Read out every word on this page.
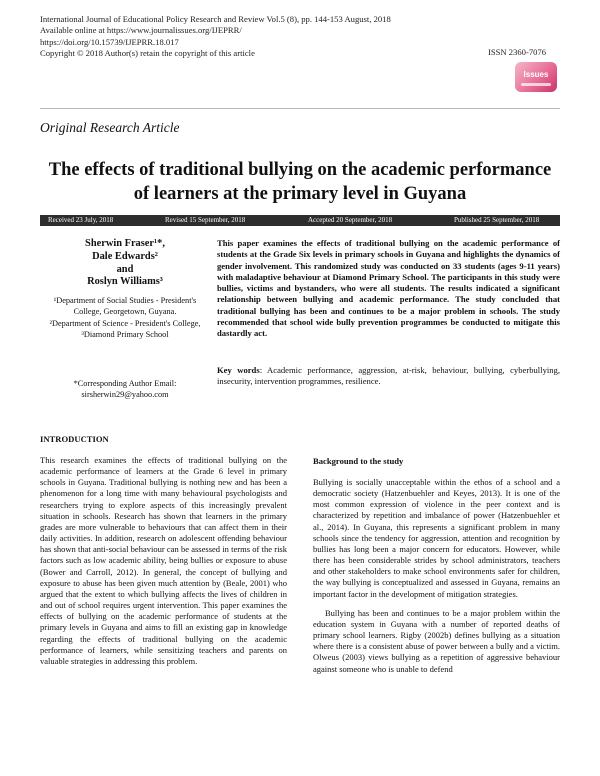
International Journal of Educational Policy Research and Review Vol.5 (8), pp. 144-153 August, 2018
Available online at https://www.journalissues.org/IJEPRR/
https://doi.org/10.15739/IJEPRR.18.017
Copyright © 2018 Author(s) retain the copyright of this article	ISSN 2360-7076
Issues
Original Research Article
The effects of traditional bullying on the academic performance of learners at the primary level in Guyana
Received 23 July, 2018	Revised 15 September, 2018	Accepted 20 September, 2018	Published 25 September, 2018
Sherwin Fraser¹*,
Dale Edwards²
and
Roslyn Williams³
¹Department of Social Studies - President's College, Georgetown, Guyana.
²Department of Science - President's College,
³Diamond Primary School
*Corresponding Author Email:
sirsherwin29@yahoo.com
This paper examines the effects of traditional bullying on the academic performance of students at the Grade Six levels in primary schools in Guyana and highlights the dynamics of gender involvement. This randomized study was conducted on 33 students (ages 9-11 years) with maladaptive behaviour at Diamond Primary School. The participants in this study were bullies, victims and bystanders, who were all students. The results indicated a significant relationship between bullying and academic performance. The study concluded that traditional bullying has been and continues to be a major problem in schools. The study recommended that school wide bully prevention programmes be conducted to mitigate this dastardly act.
Key words: Academic performance, aggression, at-risk, behaviour, bullying, cyberbullying, insecurity, intervention programmes, resilience.
INTRODUCTION

This research examines the effects of traditional bullying on the academic performance of learners at the Grade 6 level in primary schools in Guyana. Traditional bullying is nothing new and has been a phenomenon for a long time with many behavioural psychologists and researchers trying to explore aspects of this increasingly prevalent situation in schools. Research has shown that learners in the primary grades are more vulnerable to behaviours that can affect them in their daily activities. In addition, research on adolescent offending behaviour has shown that anti-social behaviour can be assessed in terms of the risk factors such as low academic ability, being bullies or exposure to abuse (Bower and Carroll, 2012). In general, the concept of bullying and exposure to abuse has been given much attention by (Beale, 2001) who argued that the extent to which bullying affects the lives of children in and out of school requires urgent intervention. This paper examines the effects of bullying on the academic performance of students at the primary levels in Guyana and aims to fill an existing gap in knowledge regarding the effects of traditional bullying on the academic performance of learners, while sensitizing teachers and parents on valuable strategies in addressing this problem.

Background to the study

Bullying is socially unacceptable within the ethos of a school and a democratic society (Hatzenbuehler and Keyes, 2013). It is one of the most common expression of violence in the peer context and is characterized by repetition and imbalance of power (Hatzenbuehler et al., 2014). In Guyana, this represents a significant problem in many schools since the tendency for aggression, attention and recognition by bullies has long been a major concern for educators. However, while there has been considerable strides by school administrators, teachers and other stakeholders to make school environments safer for children, the way bullying is conceptualized and assessed in Guyana, remains an important factor in the development of mitigation strategies.

Bullying has been and continues to be a major problem within the education system in Guyana with a number of reported deaths of primary school learners. Rigby (2002b) defines bullying as a situation where there is a consistent abuse of power between a bully and a victim. Olweus (2003) views bullying as a repetition of aggressive behaviour against someone who is unable to defend
